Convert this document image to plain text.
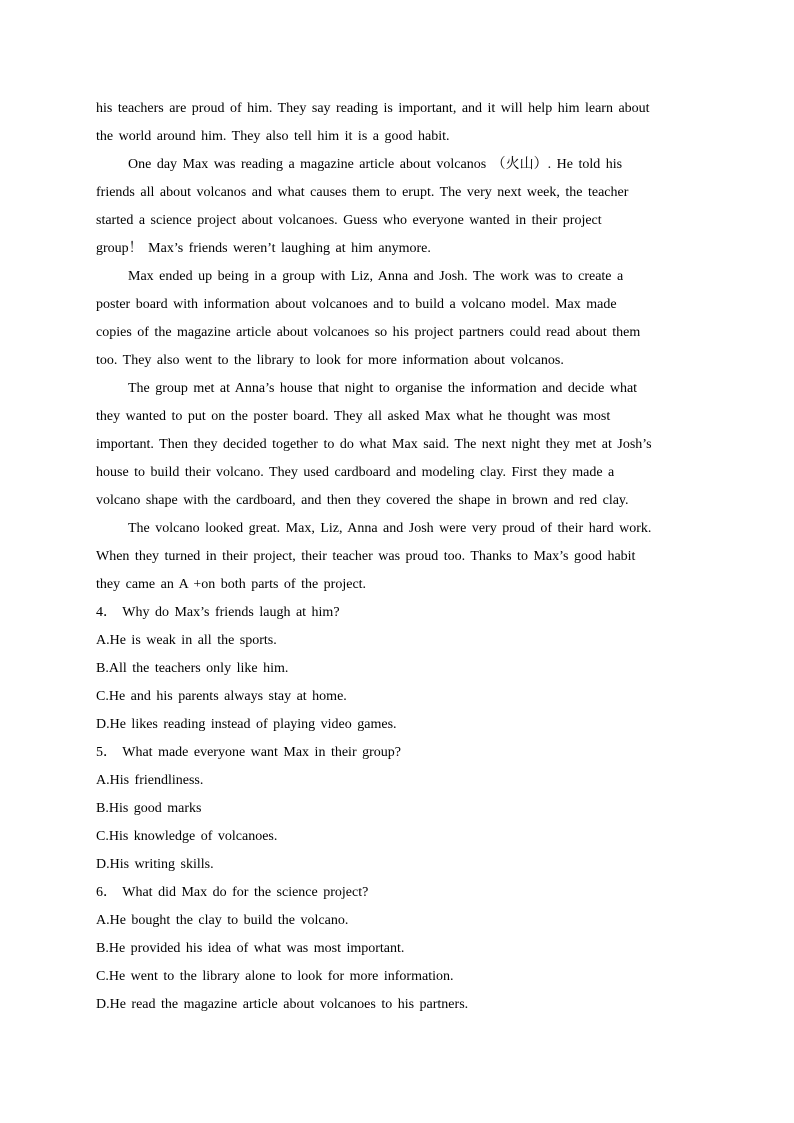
his teachers are proud of him. They say reading is important, and it will help him learn about
the world around him. They also tell him it is a good habit.
One day Max was reading a magazine article about volcanos （火山）. He told his
friends all about volcanos and what causes them to erupt. The very next week, the teacher
started a science project about volcanoes. Guess who everyone wanted in their project
group！ Max’s friends weren’t laughing at him anymore.
Max ended up being in a group with Liz, Anna and Josh. The work was to create a
poster board with information about volcanoes and to build a volcano model. Max made
copies of the magazine article about volcanoes so his project partners could read about them
too. They also went to the library to look for more information about volcanos.
The group met at Anna’s house that night to organise the information and decide what
they wanted to put on the poster board. They all asked Max what he thought was most
important. Then they decided together to do what Max said. The next night they met at Josh’s
house to build their volcano. They used cardboard and modeling clay. First they made a
volcano shape with the cardboard, and then they covered the shape in brown and red clay.
The volcano looked great. Max, Liz, Anna and Josh were very proud of their hard work.
When they turned in their project, their teacher was proud too. Thanks to Max’s good habit
they came an A +on both parts of the project.
4． Why do Max’s friends laugh at him?
A.He is weak in all the sports.
B.All the teachers only like him.
C.He and his parents always stay at home.
D.He likes reading instead of playing video games.
5． What made everyone want Max in their group?
A.His friendliness.
B.His good marks
C.His knowledge of volcanoes.
D.His writing skills.
6． What did Max do for the science project?
A.He bought the clay to build the volcano.
B.He provided his idea of what was most important.
C.He went to the library alone to look for more information.
D.He read the magazine article about volcanoes to his partners.
